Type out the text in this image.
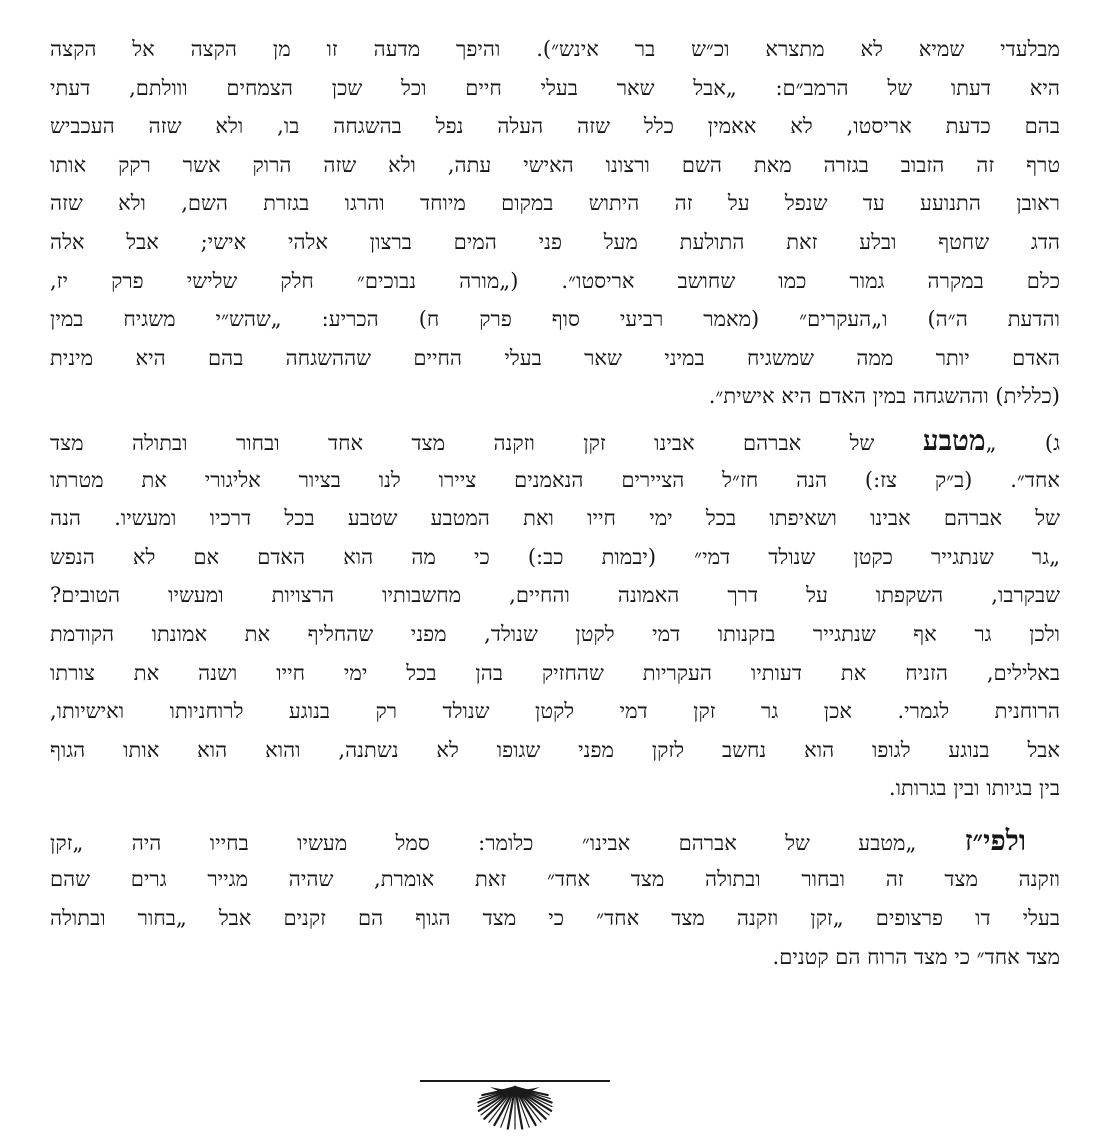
מבלעדי שמיא לא מתצרא וכ״ש בר אינש״). והיפך מדעה זו מן הקצה אל הקצה
היא דעתו של הרמב״ם: „אבל שאר בעלי חיים וכל שכן הצמחים ווולתם, דעתי
בהם כדעת אריסטו, לא אאמין כלל שזה העלה נפל בהשגחה בו, ולא שזה העכביש
טרף זה הזבוב בגזרה מאת השם ורצונו האישי עתה, ולא שזה הרוק אשר רקק אותו
ראובן התנועע עד שנפל על זה היתוש במקום מיוחד והרגו בגזרת השם, ולא שזה
הדג שחטף ובלע זאת התולעת מעל פני המים ברצון אלהי אישי; אבל אלה
כלם במקרה גמור כמו שחושב אריסטו״. („מורה נבוכים״ חלק שלישי פרק יז,
והדעת ה״ה) ו„העקרים״ (מאמר רביעי סוף פרק ח) הכריע: „שהש״י משגיח במין
האדם יותר ממה שמשגיח במיני שאר בעלי החיים שההשגחה בהם היא מינית
(כללית) וההשגחה במין האדם היא אישית״.
ג) „מטבע של אברהם אבינו זקן וזקנה מצד אחד ובחור ובתולה מצד
אחד״. (ב״ק צז:) הנה חז״ל הציירים הנאמנים ציירו לנו בציור אליגורי את מטרתו
של אברהם אבינו ושאיפתו בכל ימי חייו ואת המטבע שטבע בכל דרכיו ומעשיו. הנה
„גר שנתגייר כקטן שנולד דמי״ (יבמות כב:) כי מה הוא האדם אם לא הנפש
שבקרבו, השקפתו על דרך האמונה והחיים, מחשבותיו הרצויות ומעשיו הטובים?
ולכן גר אף שנתגייר בזקנותו דמי לקטן שנולד, מפני שהחליף את אמונתו הקודמת
באלילים, הזניח את דעותיו העקריות שהחזיק בהן בכל ימי חייו ושנה את צורתו
הרוחנית לגמרי. אכן גר זקן דמי לקטן שנולד רק בנוגע לרוחניותו ואישיותו,
אבל בנוגע לגופו הוא נחשב לזקן מפני שגופו לא נשתנה, והוא הוא אותו הגוף
בין בגיותו ובין בגרותו.
ולפי״ז „מטבע של אברהם אבינו״ כלומר: סמל מעשיו בחייו היה „זקן
וזקנה מצד זה ובחור ובתולה מצד אחד״ זאת אומרת, שהיה מגייר גרים שהם
בעלי דו פרצופים „זקן וזקנה מצד אחד״ כי מצד הגוף הם זקנים אבל „בחור ובתולה
מצד אחד״ כי מצד הרוח הם קטנים.
